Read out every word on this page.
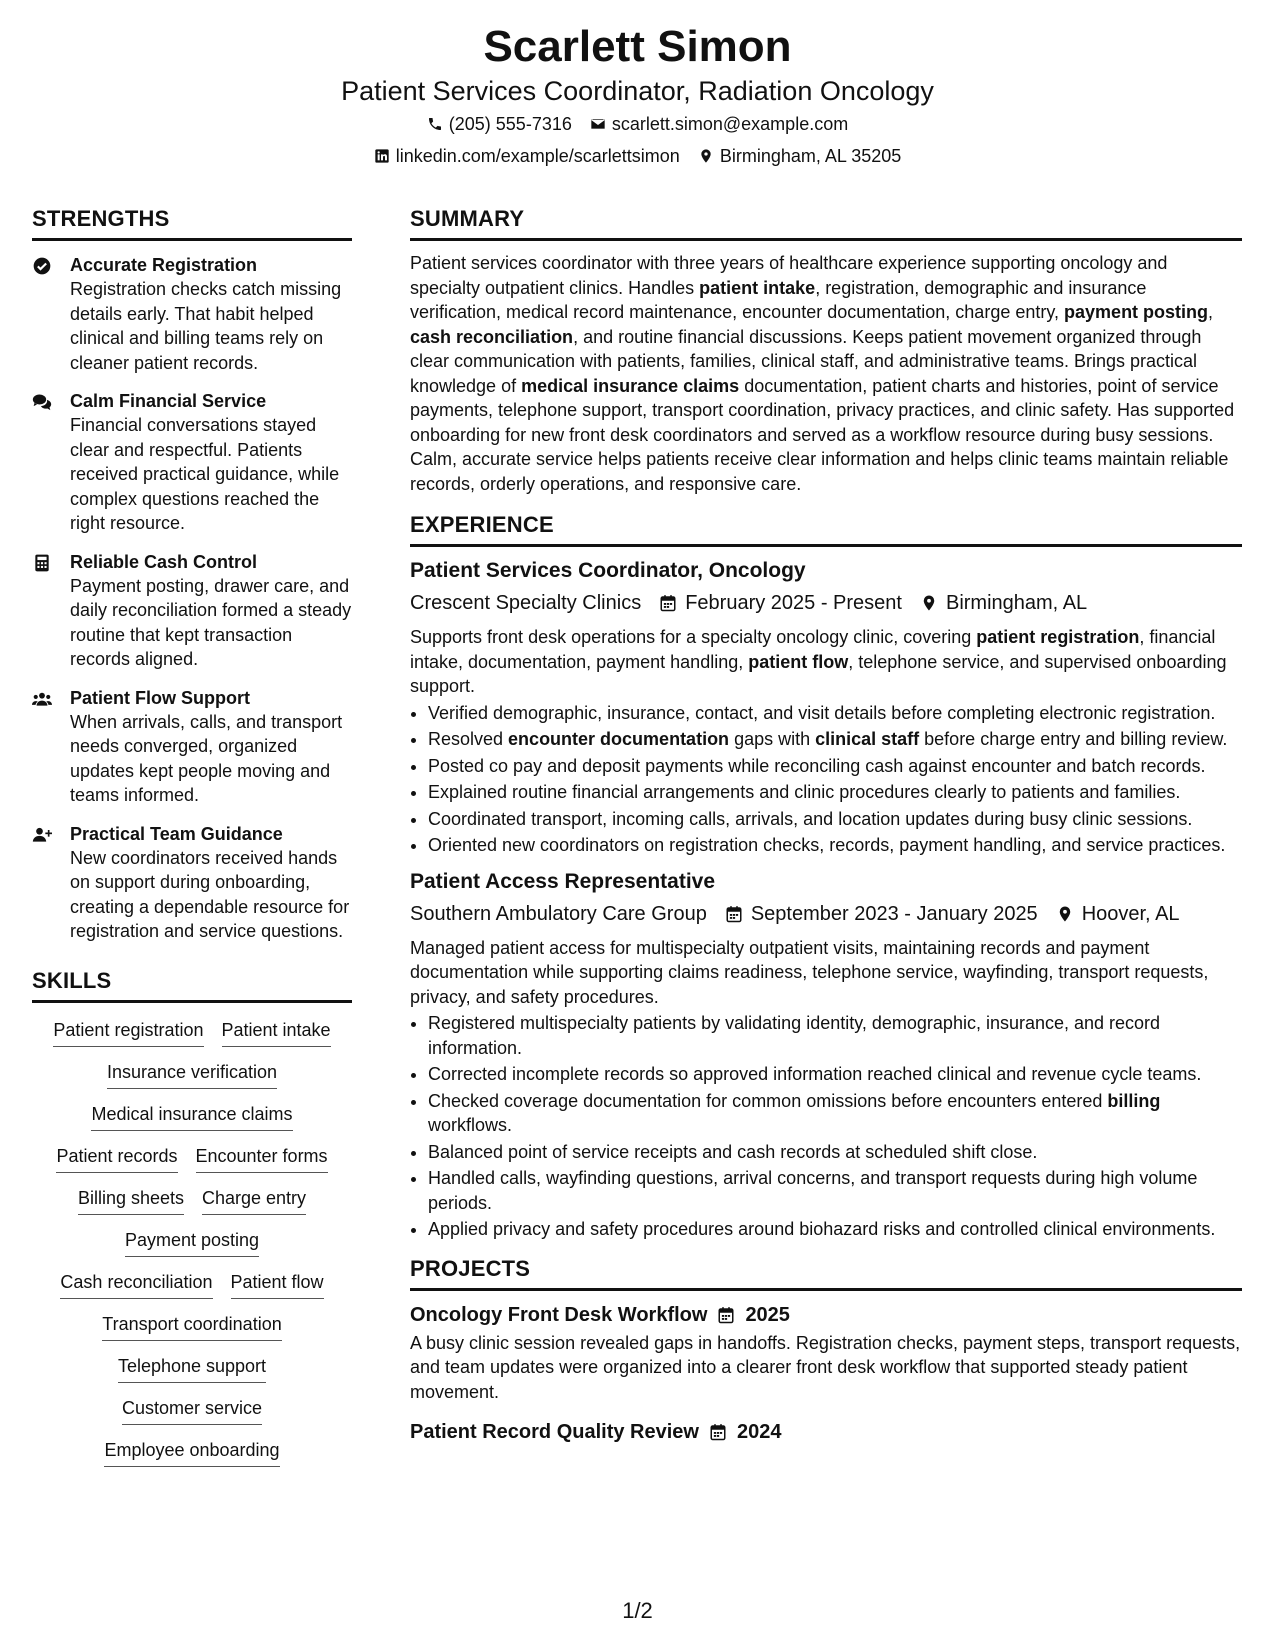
Scarlett Simon

Patient Services Coordinator, Radiation Oncology

(205) 555-7316 scarlett.simon@example.com
linkedin.com/example/scarlettsimon Birmingham, AL 35205
STRENGTHS
Accurate Registration
Registration checks catch missing details early. That habit helped clinical and billing teams rely on cleaner patient records.
Calm Financial Service
Financial conversations stayed clear and respectful. Patients received practical guidance, while complex questions reached the right resource.
Reliable Cash Control
Payment posting, drawer care, and daily reconciliation formed a steady routine that kept transaction records aligned.
Patient Flow Support
When arrivals, calls, and transport needs converged, organized updates kept people moving and teams informed.
Practical Team Guidance
New coordinators received hands on support during onboarding, creating a dependable resource for registration and service questions.
SKILLS
Patient registration Patient intake
Insurance verification
Medical insurance claims
Patient records Encounter forms
Billing sheets Charge entry
Payment posting
Cash reconciliation Patient flow
Transport coordination
Telephone support
Customer service
Employee onboarding
SUMMARY

Patient services coordinator with three years of healthcare experience supporting oncology and specialty outpatient clinics. Handles patient intake, registration, demographic and insurance verification, medical record maintenance, encounter documentation, charge entry, payment posting, cash reconciliation, and routine financial discussions. Keeps patient movement organized through clear communication with patients, families, clinical staff, and administrative teams. Brings practical knowledge of medical insurance claims documentation, patient charts and histories, point of service payments, telephone support, transport coordination, privacy practices, and clinic safety. Has supported onboarding for new front desk coordinators and served as a workflow resource during busy sessions. Calm, accurate service helps patients receive clear information and helps clinic teams maintain reliable records, orderly operations, and responsive care.

EXPERIENCE
Patient Services Coordinator, Oncology
Crescent Specialty Clinics February 2025 - Present Birmingham, AL

Supports front desk operations for a specialty oncology clinic, covering patient registration, financial intake, documentation, payment handling, patient flow, telephone service, and supervised onboarding support.

• Verified demographic, insurance, contact, and visit details before completing electronic registration.
• Resolved encounter documentation gaps with clinical staff before charge entry and billing review.
• Posted co pay and deposit payments while reconciling cash against encounter and batch records.
• Explained routine financial arrangements and clinic procedures clearly to patients and families.
• Coordinated transport, incoming calls, arrivals, and location updates during busy clinic sessions.
• Oriented new coordinators on registration checks, records, payment handling, and service practices.
Patient Access Representative
Southern Ambulatory Care Group September 2023 - January 2025 Hoover, AL

Managed patient access for multispecialty outpatient visits, maintaining records and payment documentation while supporting claims readiness, telephone service, wayfinding, transport requests, privacy, and safety procedures.

• Registered multispecialty patients by validating identity, demographic, insurance, and record information.
• Corrected incomplete records so approved information reached clinical and revenue cycle teams.
• Checked coverage documentation for common omissions before encounters entered billing workflows.
• Balanced point of service receipts and cash records at scheduled shift close.
• Handled calls, wayfinding questions, arrival concerns, and transport requests during high volume periods.
• Applied privacy and safety procedures around biohazard risks and controlled clinical environments.
PROJECTS
Oncology Front Desk Workflow 2025

A busy clinic session revealed gaps in handoffs. Registration checks, payment steps, transport requests, and team updates were organized into a clearer front desk workflow that supported steady patient movement.

Patient Record Quality Review 2024
1/2
